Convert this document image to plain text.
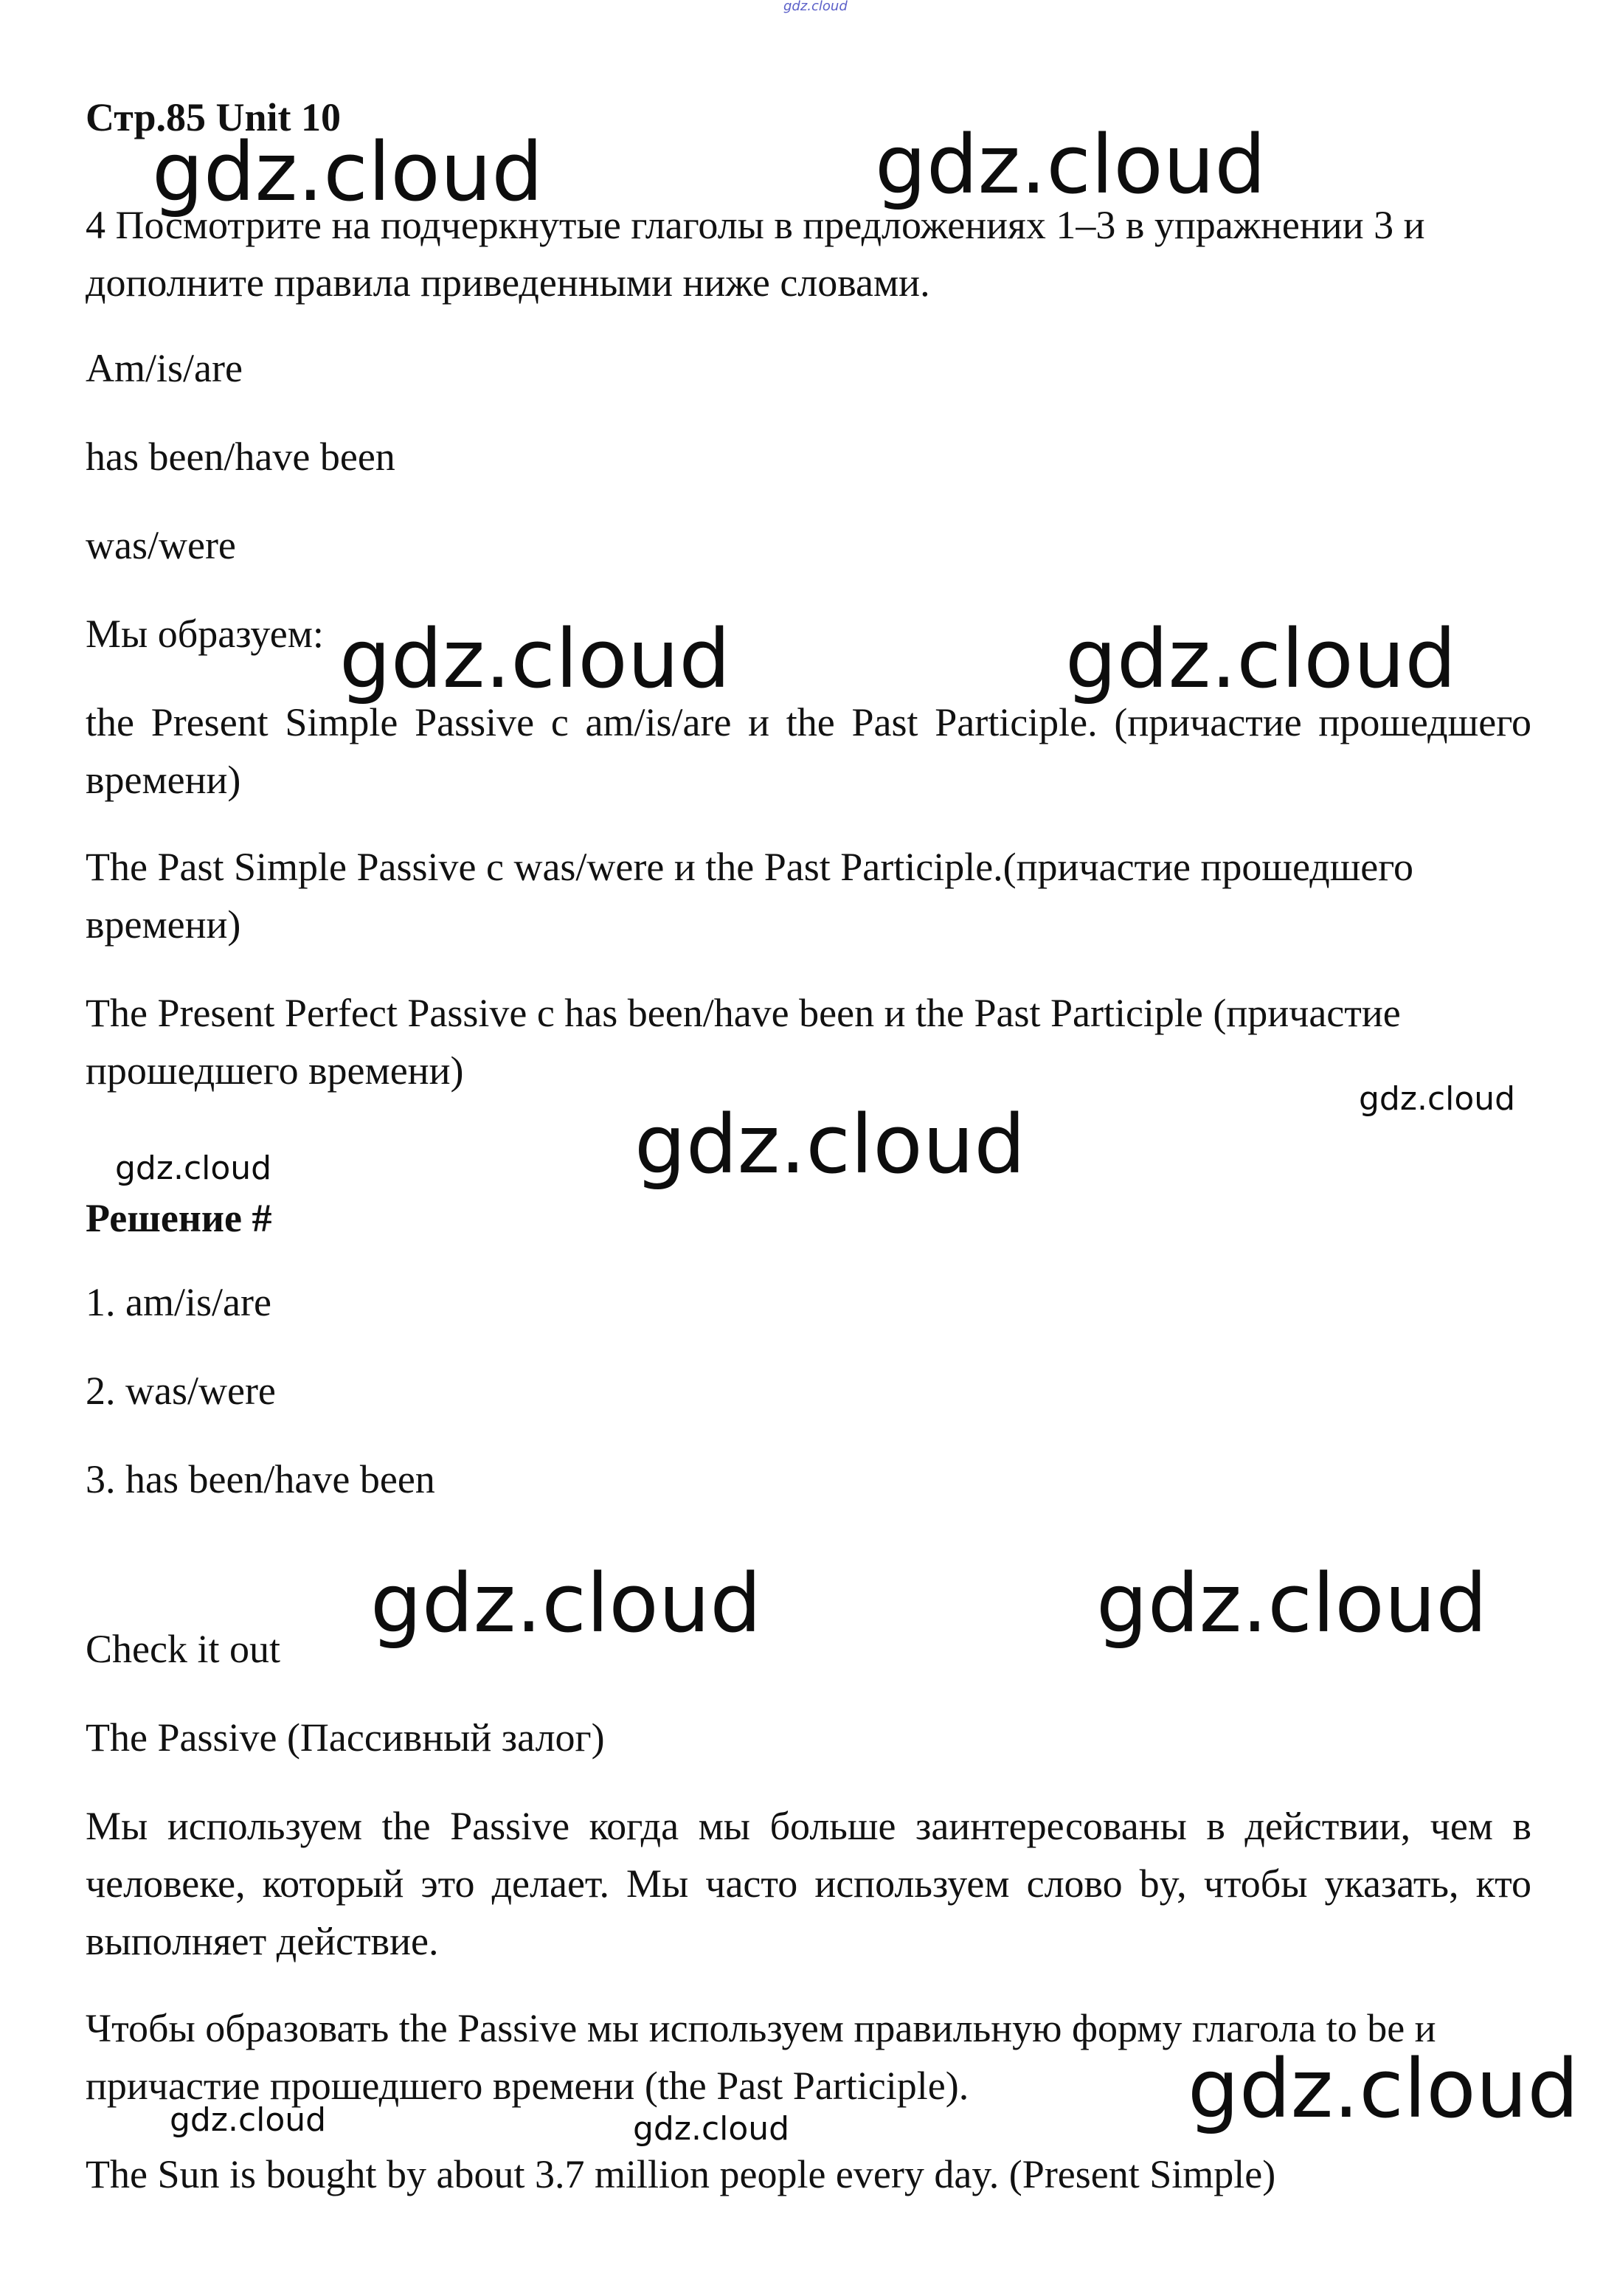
gdz.cloud
Стр.85 Unit 10
4 Посмотрите на подчеркнутые глаголы в предложениях 1–3 в упражнении 3 и дополните правила приведенными ниже словами.
Am/is/are
has been/have been
was/were
Мы образуем:
the Present Simple Passive с am/is/are и the Past Participle. (причастие прошедшего времени)
The Past Simple Passive с was/were и the Past Participle.(причастие прошедшего времени)
The Present Perfect Passive с has been/have been и the Past Participle (причастие прошедшего времени)
Решение #
1. am/is/are
2. was/were
3. has been/have been
Check it out
The Passive (Пассивный залог)
Мы используем the Passive когда мы больше заинтересованы в действии, чем в человеке, который это делает. Мы часто используем слово by, чтобы указать, кто выполняет действие.
Чтобы образовать the Passive мы используем правильную форму глагола to be и причастие прошедшего времени (the Past Participle).
The Sun is bought by about 3.7 million people every day. (Present Simple)
gdz.cloud	gdz.cloud
gdz.cloud	gdz.cloud
gdz.cloud	gdz.cloud
gdz.cloud
gdz.cloud	gdz.cloud
gdz.cloud
gdz.cloud	gdz.cloud
